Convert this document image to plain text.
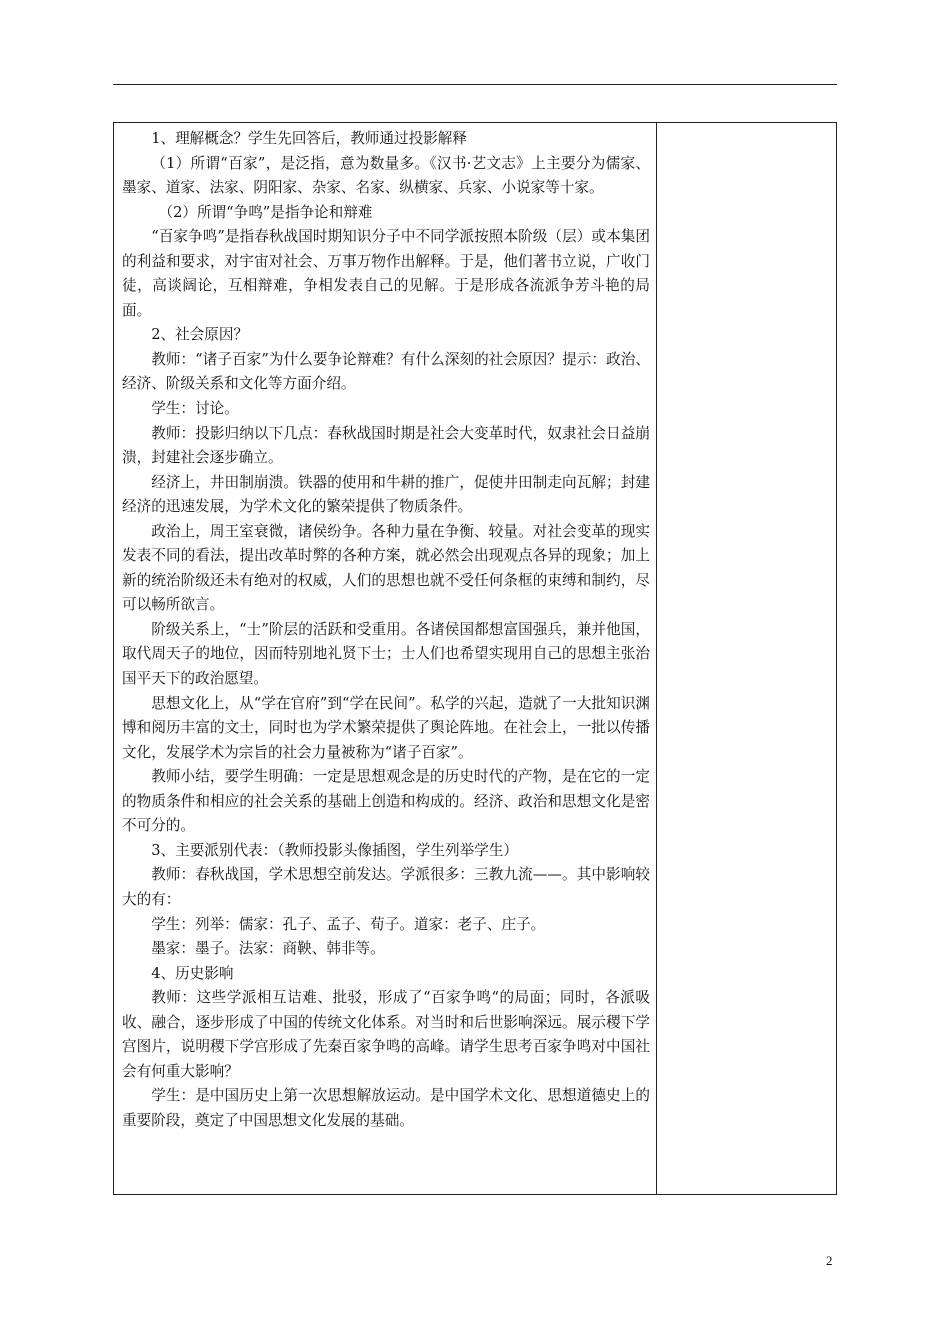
1、理解概念？学生先回答后，教师通过投影解释

（1）所谓“百家”，是泛指，意为数量多。《汉书·艺文志》上主要分为儒家、墨家、道家、法家、阴阳家、杂家、名家、纵横家、兵家、小说家等十家。

（2）所谓“争鸣”是指争论和辩难

“百家争鸣”是指春秋战国时期知识分子中不同学派按照本阶级（层）或本集团的利益和要求，对宇宙对社会、万事万物作出解释。于是，他们著书立说，广收门徒，高谈阔论，互相辩难，争相发表自己的见解。于是形成各流派争芳斗艳的局面。

2、社会原因？

教师：“诸子百家”为什么要争论辩难？有什么深刻的社会原因？提示：政治、经济、阶级关系和文化等方面介绍。

学生：讨论。

教师：投影归纳以下几点：春秋战国时期是社会大变革时代，奴隶社会日益崩溃，封建社会逐步确立。

经济上，井田制崩溃。铁器的使用和牛耕的推广，促使井田制走向瓦解；封建经济的迅速发展，为学术文化的繁荣提供了物质条件。

政治上，周王室衰微，诸侯纷争。各种力量在争衡、较量。对社会变革的现实发表不同的看法，提出改革时弊的各种方案，就必然会出现观点各异的现象；加上新的统治阶级还未有绝对的权威，人们的思想也就不受任何条框的束缚和制约，尽可以畅所欲言。

阶级关系上，“士”阶层的活跃和受重用。各诸侯国都想富国强兵，兼并他国，取代周天子的地位，因而特别地礼贤下士；士人们也希望实现用自己的思想主张治国平天下的政治愿望。

思想文化上，从“学在官府”到“学在民间”。私学的兴起，造就了一大批知识渊博和阅历丰富的文士，同时也为学术繁荣提供了舆论阵地。在社会上，一批以传播文化，发展学术为宗旨的社会力量被称为“诸子百家”。

教师小结，要学生明确：一定是思想观念是的历史时代的产物，是在它的一定的物质条件和相应的社会关系的基础上创造和构成的。经济、政治和思想文化是密不可分的。

3、主要派别代表：（教师投影头像插图，学生列举学生）

教师：春秋战国，学术思想空前发达。学派很多：三教九流——。其中影响较大的有：

学生：列举：儒家：孔子、孟子、荀子。道家：老子、庄子。

墨家：墨子。法家：商鞅、韩非等。

4、历史影响

教师：这些学派相互诘难、批驳，形成了“百家争鸣“的局面；同时，各派吸收、融合，逐步形成了中国的传统文化体系。对当时和后世影响深远。展示稷下学宫图片，说明稷下学宫形成了先秦百家争鸣的高峰。请学生思考百家争鸣对中国社会有何重大影响？

学生：是中国历史上第一次思想解放运动。是中国学术文化、思想道德史上的重要阶段，奠定了中国思想文化发展的基础。

2
